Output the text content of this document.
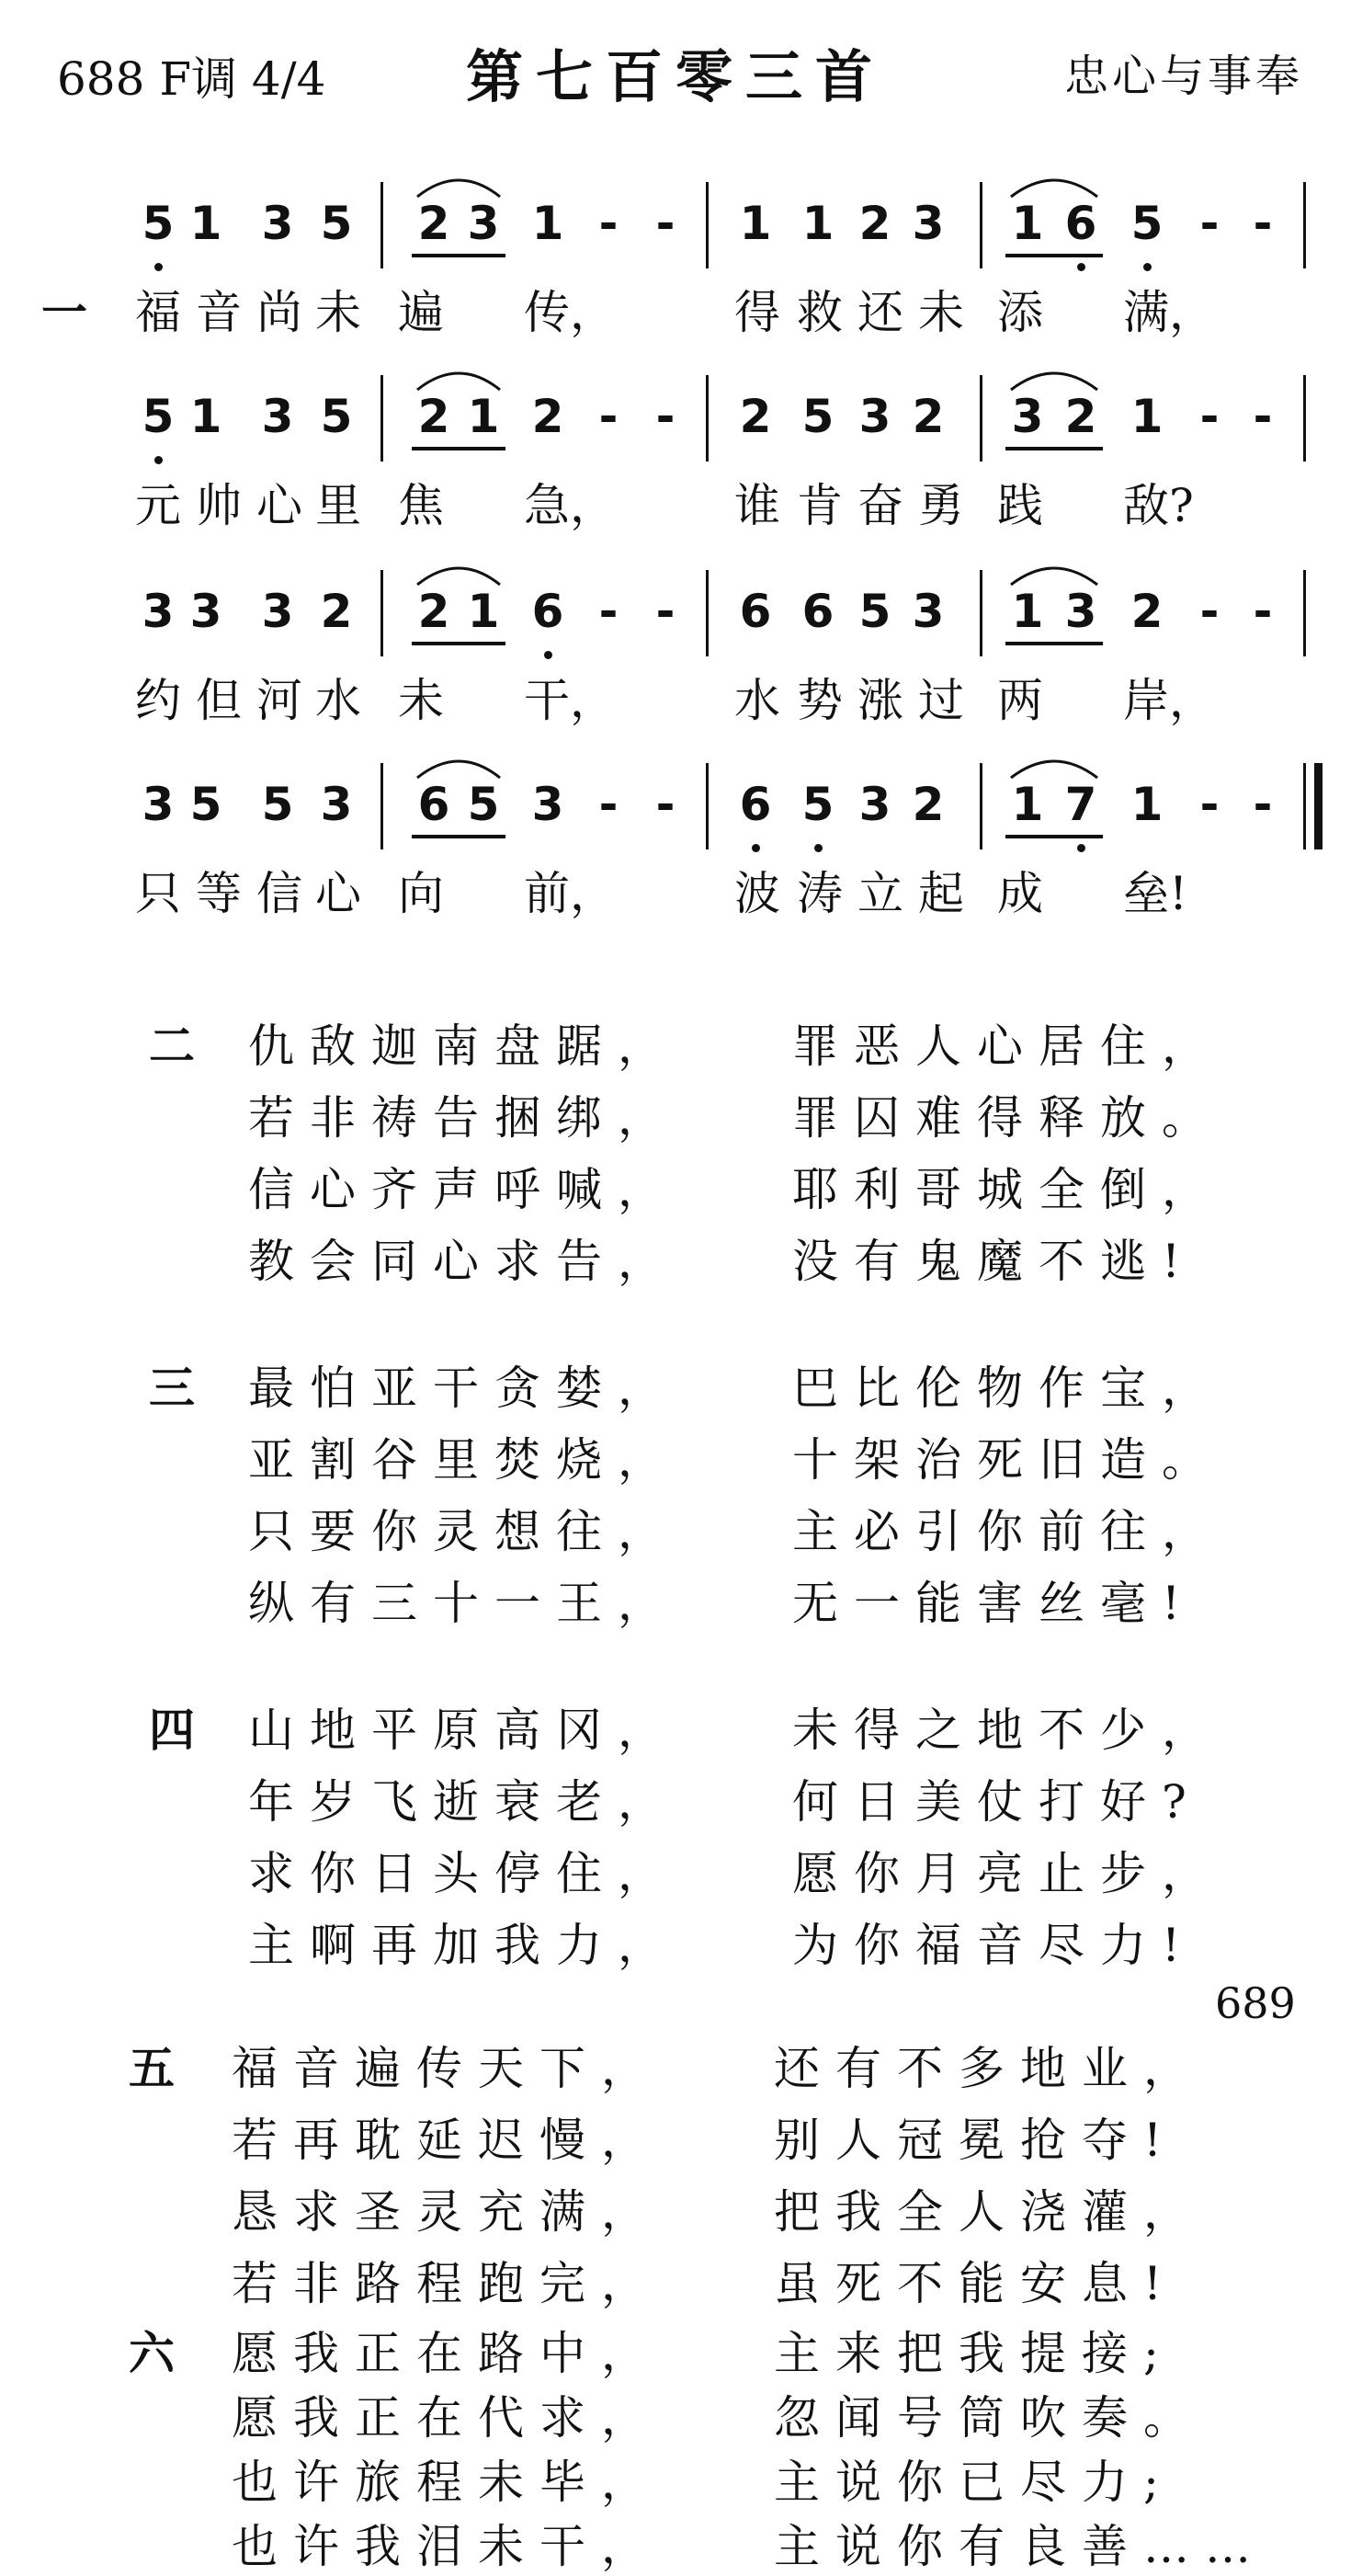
688 F调 4/4	第七百零三首	忠心与事奉
5 1 3 5 2 3 1 - - 1 1 2 3 1 6 5 - -
一 福 音 尚 未 遍 传，	得 救 还 未 添 满，
5 1 3 5 2 1 2 - - 2 5 3 2 3 2 1 - -
元 帅 心 里 焦 急，	谁 肯 奋 勇 践 敌?
3 3 3 2 2 1 6 - - 6 6 5 3 1 3 2 - -
约 但 河 水 未 干，	水 势 涨 过 两 岸，
3 5 5 3 6 5 3 - - 6 5 3 2 1 7 1 - -
只 等 信 心 向 前，	波 涛 立 起 成 垒!
二 仇敌迦南盘踞， 罪恶人心居住，
若非祷告捆绑， 罪囚难得释放。
信心齐声呼喊， 耶利哥城全倒，
教会同心求告， 没有鬼魔不逃!
三 最怕亚干贪婪， 巴比伦物作宝，
亚割谷里焚烧， 十架治死旧造。
只要你灵想往， 主必引你前往，
纵有三十一王， 无一能害丝毫!
四 山地平原高冈， 未得之地不少，
年岁飞逝衰老， 何日美仗打好?
求你日头停住， 愿你月亮止步，
主啊再加我力， 为你福音尽力!
五 福音遍传天下， 还有不多地业，
若再耽延迟慢， 别人冠冕抢夺!
恳求圣灵充满， 把我全人浇灌，
若非路程跑完， 虽死不能安息!
六 愿我正在路中， 主来把我提接;
愿我正在代求， 忽闻号筒吹奏。
也许旅程未毕， 主说你已尽力;
也许我泪未干， 主说你有良善……
689
